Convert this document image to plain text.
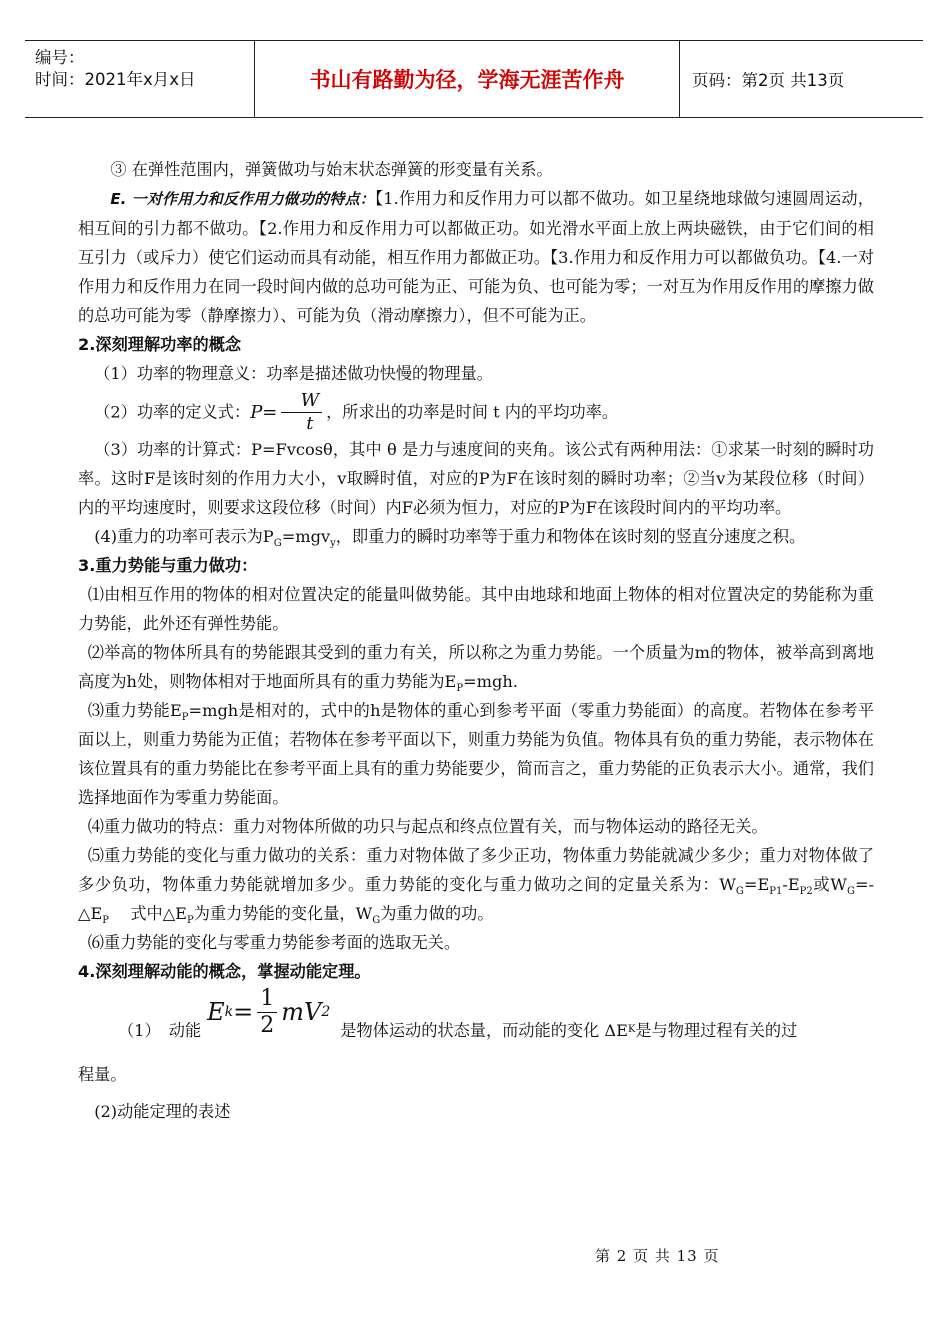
编号：
时间：2021年x月x日	书山有路勤为径，学海无涯苦作舟	页码：第2页 共13页

③ 在弹性范围内，弹簧做功与始末状态弹簧的形变量有关系。

E. 一对作用力和反作用力做功的特点：【1.作用力和反作用力可以都不做功。如卫星绕地球做匀速圆周运动，相互间的引力都不做功。【2.作用力和反作用力可以都做正功。如光滑水平面上放上两块磁铁，由于它们间的相互引力（或斥力）使它们运动而具有动能，相互作用力都做正功。【3.作用力和反作用力可以都做负功。【4.一对作用力和反作用力在同一段时间内做的总功可能为正、可能为负、也可能为零；一对互为作用反作用的摩擦力做的总功可能为零（静摩擦力）、可能为负（滑动摩擦力），但不可能为正。

2.深刻理解功率的概念

（1）功率的物理意义：功率是描述做功快慢的物理量。

（2）功率的定义式：$P= \frac{W}{t}$ ，所求出的功率是时间 t 内的平均功率。

（3）功率的计算式：P=Fvcosθ，其中 θ 是力与速度间的夹角。该公式有两种用法：①求某一时刻的瞬时功率。这时F是该时刻的作用力大小，v取瞬时值，对应的P为F在该时刻的瞬时功率；②当v为某段位移（时间）内的平均速度时，则要求这段位移（时间）内F必须为恒力，对应的P为F在该段时间内的平均功率。

(4)重力的功率可表示为$P_G=mgv_y$，即重力的瞬时功率等于重力和物体在该时刻的竖直分速度之积。

3.重力势能与重力做功：

⑴由相互作用的物体的相对位置决定的能量叫做势能。其中由地球和地面上物体的相对位置决定的势能称为重力势能，此外还有弹性势能。

⑵举高的物体所具有的势能跟其受到的重力有关，所以称之为重力势能。一个质量为m的物体，被举高到离地高度为h处，则物体相对于地面所具有的重力势能为$E_P=mgh$.

⑶重力势能$E_P=mgh$是相对的，式中的h是物体的重心到参考平面（零重力势能面）的高度。若物体在参考平面以上，则重力势能为正值；若物体在参考平面以下，则重力势能为负值。物体具有负的重力势能，表示物体在该位置具有的重力势能比在参考平面上具有的重力势能要少，简而言之，重力势能的正负表示大小。通常，我们选择地面作为零重力势能面。

⑷重力做功的特点：重力对物体所做的功只与起点和终点位置有关，而与物体运动的路径无关。

⑸重力势能的变化与重力做功的关系：重力对物体做了多少正功，物体重力势能就减少多少；重力对物体做了多少负功，物体重力势能就增加多少。重力势能的变化与重力做功之间的定量关系为：$W_G=E_{P1}-E_{P2}$或$W_G=-\triangle E_P$　 式中$\triangle E_P$为重力势能的变化量，$W_G$为重力做的功。

⑹重力势能的变化与零重力势能参考面的选取无关。

4.深刻理解动能的概念，掌握动能定理。

（1）　动能
E $k = \frac{1}{2}$ mV 2
是物体运动的状态量，而动能的变化 ΔE K 是与物理过程有关的过

程量。

(2)动能定理的表述

第 2 页 共 13 页
